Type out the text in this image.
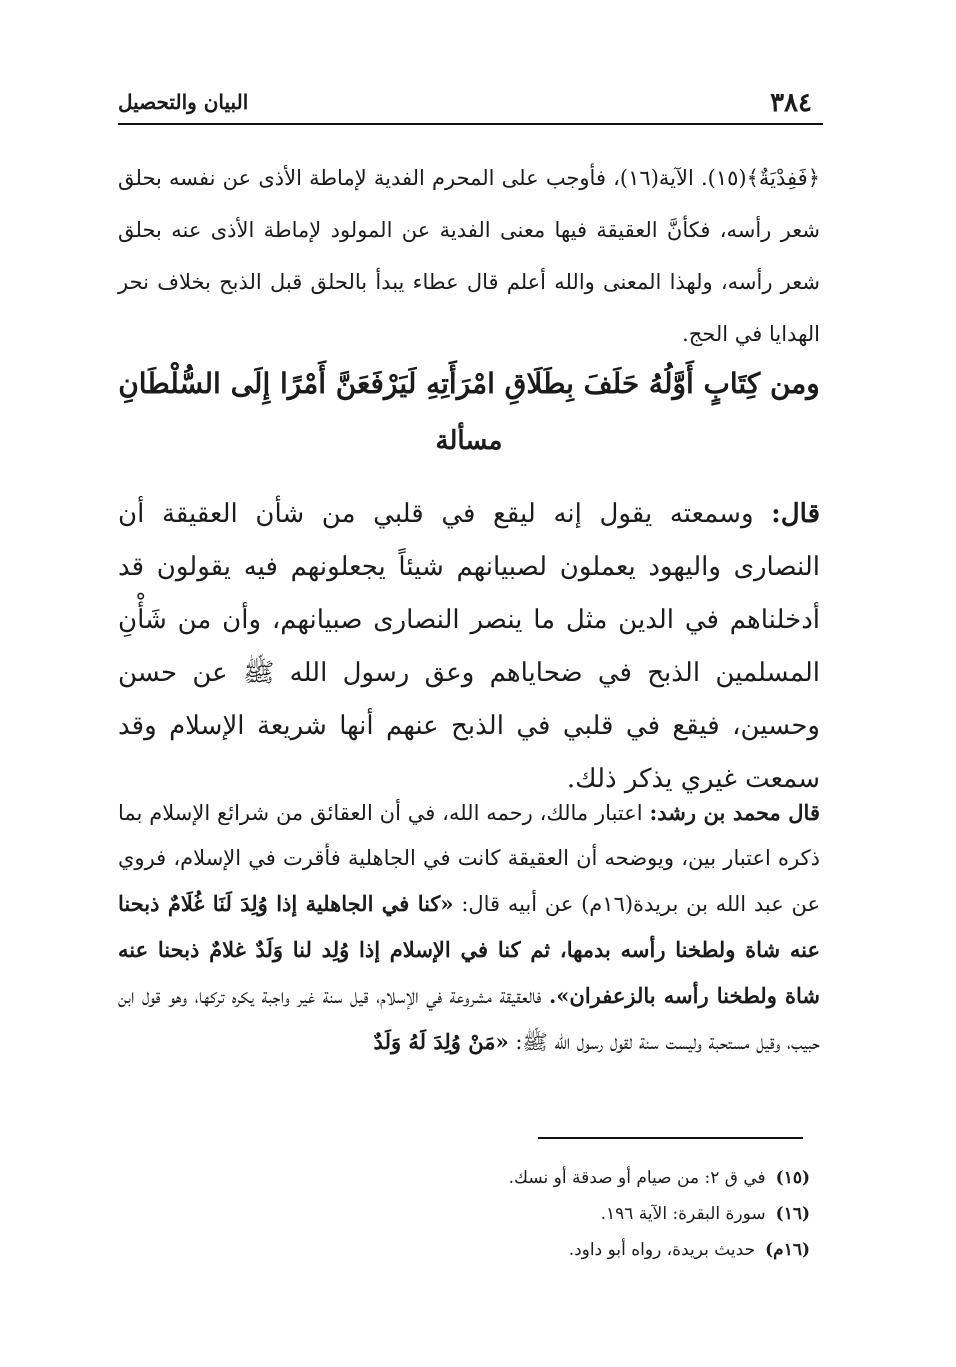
٣٨٤
البيان والتحصيل
﴿فَفِدْيَةٌ﴾(١٥). الآية(١٦)، فأوجب على المحرم الفدية لإماطة الأذى عن نفسه بحلق شعر رأسه، فكأنَّ العقيقة فيها معنى الفدية عن المولود لإماطة الأذى عنه بحلق شعر رأسه، ولهذا المعنى والله أعلم قال عطاء يبدأ بالحلق قبل الذبح بخلاف نحر الهدايا في الحج.
ومن كِتَابٍ أَوَّلُهُ حَلَفَ بِطَلَاقِ امْرَأَتِهِ لَيَرْفَعَنَّ أَمْرًا إِلَى السُّلْطَانِ
مسألة
قال: وسمعته يقول إنه ليقع في قلبي من شأن العقيقة أن النصارى واليهود يعملون لصبيانهم شيئاً يجعلونهم فيه يقولون قد أدخلناهم في الدين مثل ما ينصر النصارى صبيانهم، وأن من شَأْنِ المسلمين الذبح في ضحاياهم وعق رسول الله ﷺ عن حسن وحسين، فيقع في قلبي في الذبح عنهم أنها شريعة الإسلام وقد سمعت غيري يذكر ذلك.
قال محمد بن رشد: اعتبار مالك، رحمه الله، في أن العقائق من شرائع الإسلام بما ذكره اعتبار بين، ويوضحه أن العقيقة كانت في الجاهلية فأقرت في الإسلام، فروي عن عبد الله بن بريدة(١٦م) عن أبيه قال: «كنا في الجاهلية إذا وُلِدَ لَنَا غُلَامٌ ذبحنا عنه شاة ولطخنا رأسه بدمها، ثم كنا في الإسلام إذا وُلِد لنا وَلَدٌ غلامٌ ذبحنا عنه شاة ولطخنا رأسه بالزعفران». فالعقيقة مشروعة في الإسلام، قيل سنة غير واجبة يكره تركها، وهو قول ابن حبيب، وقيل مستحبة وليست سنة لقول رسول الله ﷺ: «مَنْ وُلِدَ لَهُ وَلَدٌ
(١٥)
في ق ٢: من صيام أو صدقة أو نسك.
(١٦)
سورة البقرة: الآية ١٩٦.
(١٦م)
حديث بريدة، رواه أبو داود.
